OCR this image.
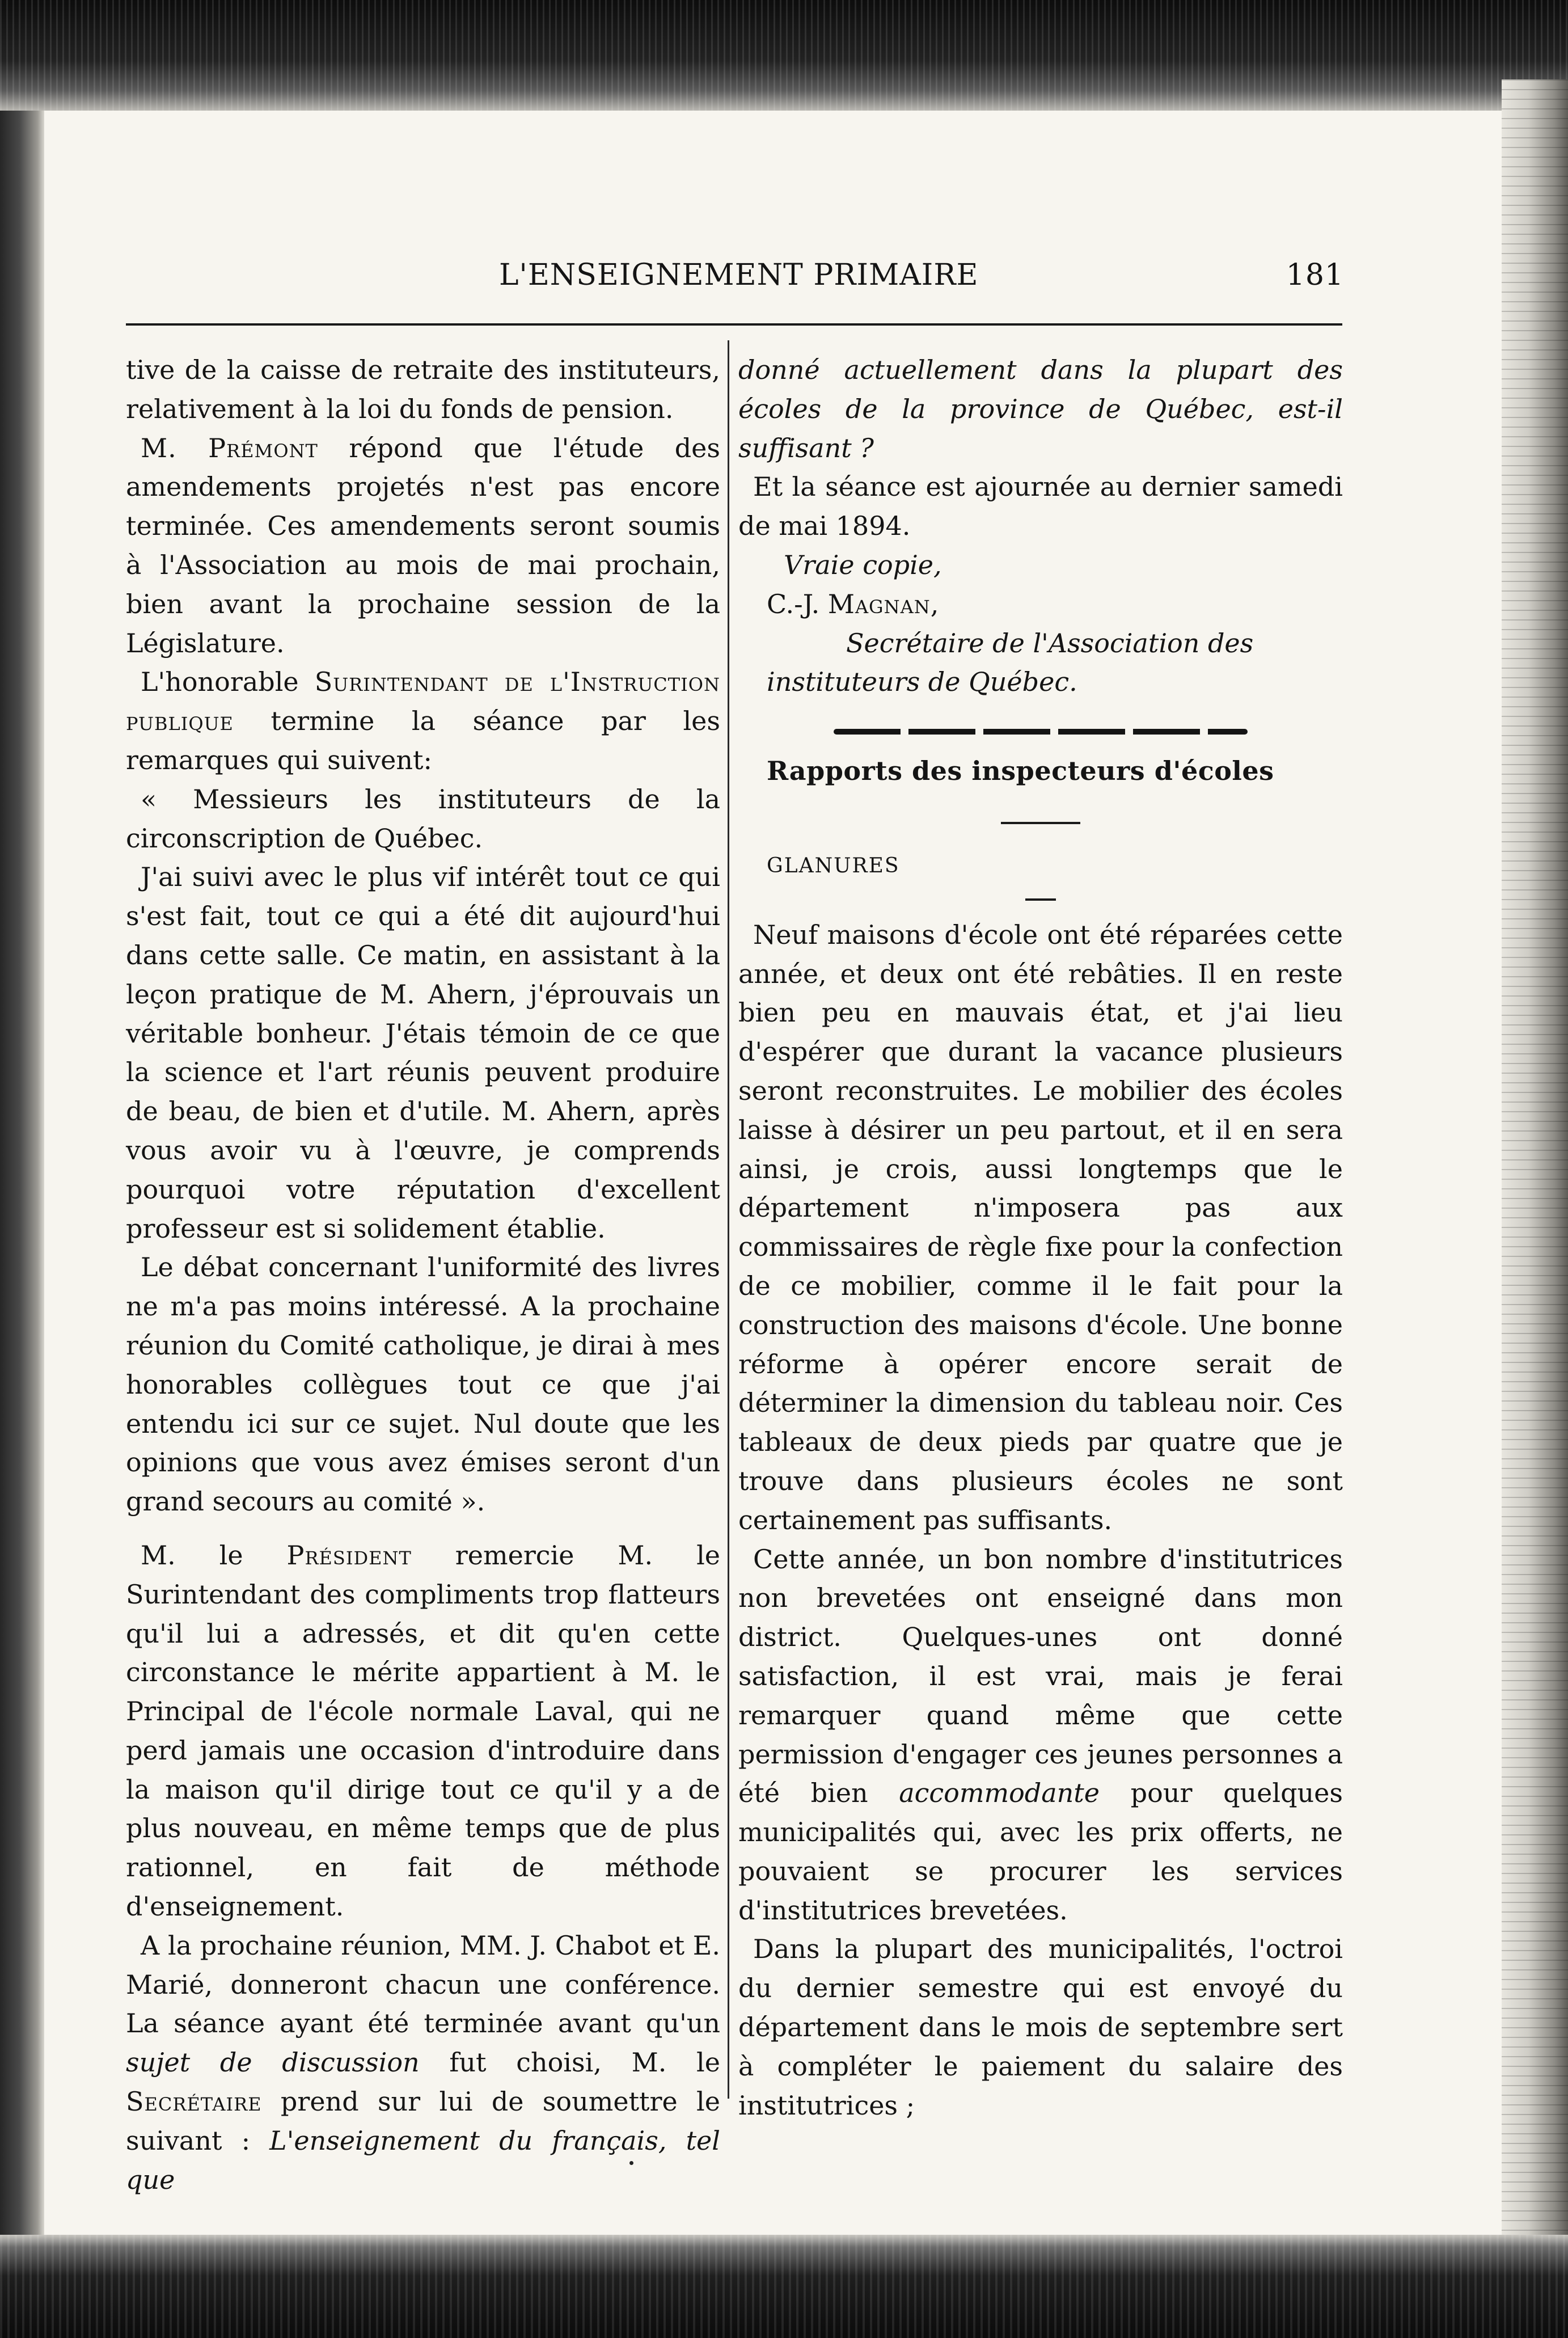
L'ENSEIGNEMENT PRIMAIRE	181

tive de la caisse de retraite des instituteurs, relativement à la loi du fonds de pension.

M. Prémont répond que l'étude des amendements projetés n'est pas encore terminée. Ces amendements seront soumis à l'Association au mois de mai prochain, bien avant la prochaine session de la Législature.

L'honorable Surintendant de l'Instruction publique termine la séance par les remarques qui suivent:

« Messieurs les instituteurs de la circonscription de Québec.

J'ai suivi avec le plus vif intérêt tout ce qui s'est fait, tout ce qui a été dit aujourd'hui dans cette salle. Ce matin, en assistant à la leçon pratique de M. Ahern, j'éprouvais un véritable bonheur. J'étais témoin de ce que la science et l'art réunis peuvent produire de beau, de bien et d'utile. M. Ahern, après vous avoir vu à l'œuvre, je comprends pourquoi votre réputation d'excellent professeur est si solidement établie.

Le débat concernant l'uniformité des livres ne m'a pas moins intéressé. A la prochaine réunion du Comité catholique, je dirai à mes honorables collègues tout ce que j'ai entendu ici sur ce sujet. Nul doute que les opinions que vous avez émises seront d'un grand secours au comité ».

M. le Président remercie M. le Surintendant des compliments trop flatteurs qu'il lui a adressés, et dit qu'en cette circonstance le mérite appartient à M. le Principal de l'école normale Laval, qui ne perd jamais une occasion d'introduire dans la maison qu'il dirige tout ce qu'il y a de plus nouveau, en même temps que de plus rationnel, en fait de méthode d'enseignement.

A la prochaine réunion, MM. J. Chabot et E. Marié, donneront chacun une conférence. La séance ayant été terminée avant qu'un sujet de discussion fut choisi, M. le Secrétaire prend sur lui de soumettre le suivant : L'enseignement du français, tel que

donné actuellement dans la plupart des écoles de la province de Québec, est-il suffisant ?

Et la séance est ajournée au dernier samedi de mai 1894.

Vraie copie,

C.-J. Magnan,

Secrétaire de l'Association des

instituteurs de Québec.

Rapports des inspecteurs d'écoles

GLANURES

Neuf maisons d'école ont été réparées cette année, et deux ont été rebâties. Il en reste bien peu en mauvais état, et j'ai lieu d'espérer que durant la vacance plusieurs seront reconstruites. Le mobilier des écoles laisse à désirer un peu partout, et il en sera ainsi, je crois, aussi longtemps que le département n'imposera pas aux commissaires de règle fixe pour la confection de ce mobilier, comme il le fait pour la construction des maisons d'école. Une bonne réforme à opérer encore serait de déterminer la dimension du tableau noir. Ces tableaux de deux pieds par quatre que je trouve dans plusieurs écoles ne sont certainement pas suffisants.

Cette année, un bon nombre d'institutrices non brevetées ont enseigné dans mon district. Quelques-unes ont donné satisfaction, il est vrai, mais je ferai remarquer quand même que cette permission d'engager ces jeunes personnes a été bien accommodante pour quelques municipalités qui, avec les prix offerts, ne pouvaient se procurer les services d'institutrices brevetées.

Dans la plupart des municipalités, l'octroi du dernier semestre qui est envoyé du département dans le mois de septembre sert à compléter le paiement du salaire des institutrices ;
